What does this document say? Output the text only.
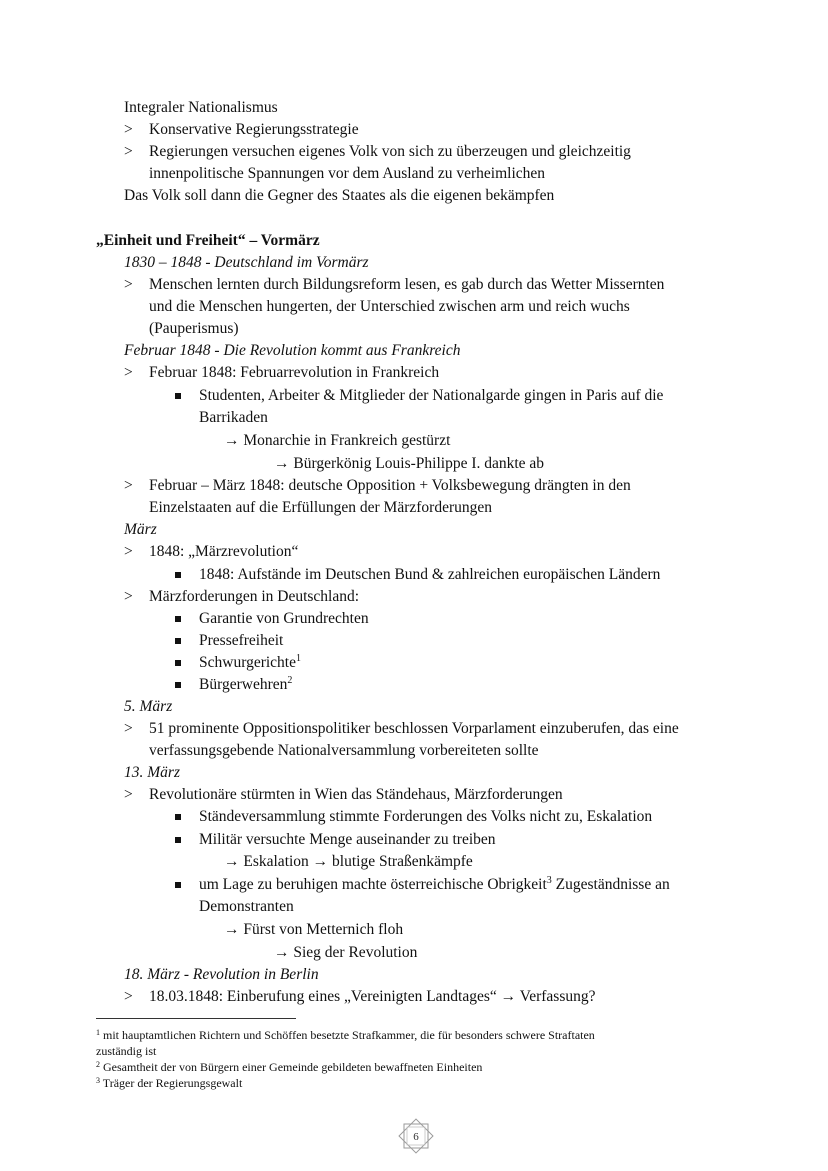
Integraler Nationalismus
>	Konservative Regierungsstrategie
>	Regierungen versuchen eigenes Volk von sich zu überzeugen und gleichzeitig
innenpolitische Spannungen vor dem Ausland zu verheimlichen
Das Volk soll dann die Gegner des Staates als die eigenen bekämpfen
„Einheit und Freiheit“ – Vormärz
1830 – 1848 - Deutschland im Vormärz
>	Menschen lernten durch Bildungsreform lesen, es gab durch das Wetter Missernten
und die Menschen hungerten, der Unterschied zwischen arm und reich wuchs
(Pauperismus)
Februar 1848 - Die Revolution kommt aus Frankreich
>	Februar 1848: Februarrevolution in Frankreich
Studenten, Arbeiter & Mitglieder der Nationalgarde gingen in Paris auf die
Barrikaden
→ Monarchie in Frankreich gestürzt
→ Bürgerkönig Louis-Philippe I. dankte ab
>	Februar – März 1848: deutsche Opposition + Volksbewegung drängten in den
Einzelstaaten auf die Erfüllungen der Märzforderungen
März
>	1848: „Märzrevolution“
1848: Aufstände im Deutschen Bund & zahlreichen europäischen Ländern
>	Märzforderungen in Deutschland:
Garantie von Grundrechten
Pressefreiheit
Schwurgerichte$^1$
Bürgerwehren$^2$
5. März
>	51 prominente Oppositionspolitiker beschlossen Vorparlament einzuberufen, das eine
verfassungsgebende Nationalversammlung vorbereiteten sollte
13. März
>	Revolutionäre stürmten in Wien das Ständehaus, Märzforderungen
Ständeversammlung stimmte Forderungen des Volks nicht zu, Eskalation
Militär versuchte Menge auseinander zu treiben
→ Eskalation → blutige Straßenkämpfe
um Lage zu beruhigen machte österreichische Obrigkeit$^3$ Zugeständnisse an
Demonstranten
→ Fürst von Metternich floh
→ Sieg der Revolution
18. März - Revolution in Berlin
>	18.03.1848: Einberufung eines „Vereinigten Landtages“ → Verfassung?
$^1$ mit hauptamtlichen Richtern und Schöffen besetzte Strafkammer, die für besonders schwere Straftaten
zuständig ist
$^2$ Gesamtheit der von Bürgern einer Gemeinde gebildeten bewaffneten Einheiten
$^3$ Träger der Regierungsgewalt
6
